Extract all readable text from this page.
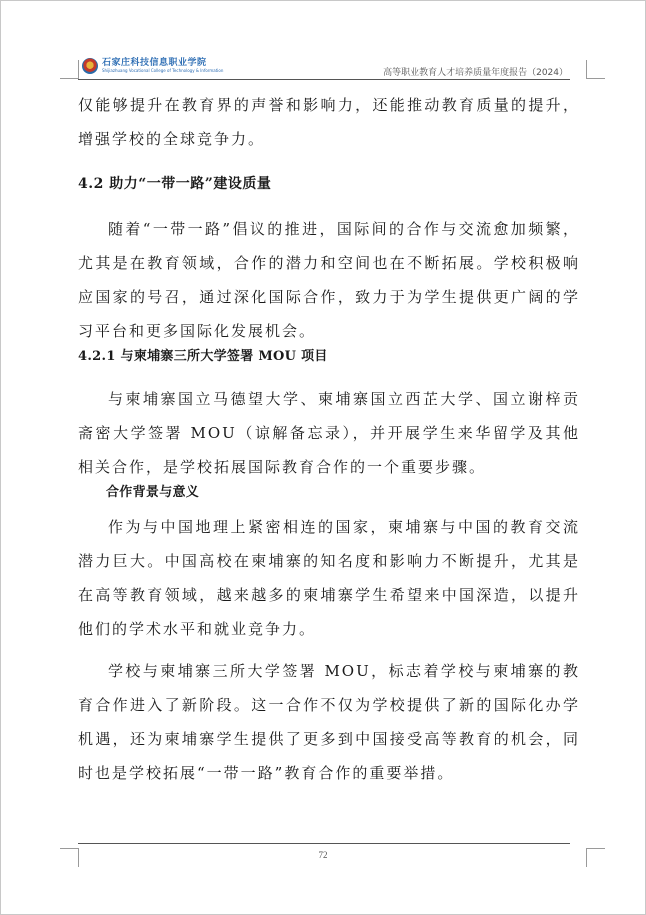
石家庄科技信息职业学院
Shijiazhuang Vocational College of Technology & Information	高等职业教育人才培养质量年度报告（2024）

仅能够提升在教育界的声誉和影响力，还能推动教育质量的提升，增强学校的全球竞争力。

4.2 助力“一带一路”建设质量

随着“一带一路”倡议的推进，国际间的合作与交流愈加频繁，尤其是在教育领域，合作的潜力和空间也在不断拓展。学校积极响应国家的号召，通过深化国际合作，致力于为学生提供更广阔的学习平台和更多国际化发展机会。

4.2.1 与柬埔寨三所大学签署 MOU 项目

与柬埔寨国立马德望大学、柬埔寨国立西芷大学、国立谢梓贡斋密大学签署 MOU（谅解备忘录），并开展学生来华留学及其他相关合作，是学校拓展国际教育合作的一个重要步骤。

合作背景与意义

作为与中国地理上紧密相连的国家，柬埔寨与中国的教育交流潜力巨大。中国高校在柬埔寨的知名度和影响力不断提升，尤其是在高等教育领域，越来越多的柬埔寨学生希望来中国深造，以提升他们的学术水平和就业竞争力。

学校与柬埔寨三所大学签署 MOU，标志着学校与柬埔寨的教育合作进入了新阶段。这一合作不仅为学校提供了新的国际化办学机遇，还为柬埔寨学生提供了更多到中国接受高等教育的机会，同时也是学校拓展“一带一路”教育合作的重要举措。

72
